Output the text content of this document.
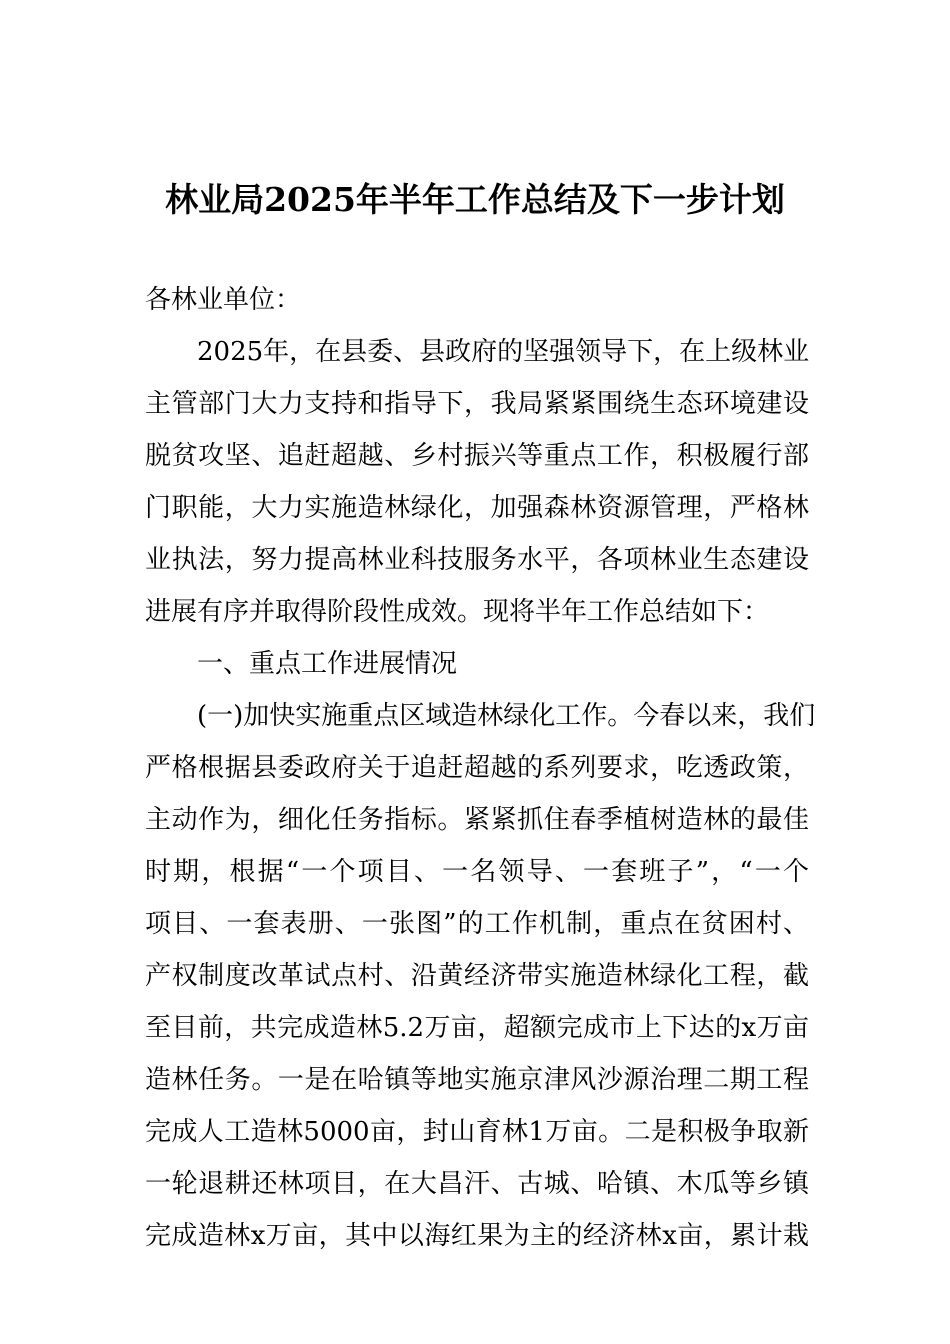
林业局2025年半年工作总结及下一步计划
各林业单位：
2025年，在县委、县政府的坚强领导下，在上级林业
主管部门大力支持和指导下，我局紧紧围绕生态环境建设
脱贫攻坚、追赶超越、乡村振兴等重点工作，积极履行部
门职能，大力实施造林绿化，加强森林资源管理，严格林
业执法，努力提高林业科技服务水平，各项林业生态建设
进展有序并取得阶段性成效。现将半年工作总结如下：
一、重点工作进展情况
(一)加快实施重点区域造林绿化工作。今春以来，我们
严格根据县委政府关于追赶超越的系列要求，吃透政策，
主动作为，细化任务指标。紧紧抓住春季植树造林的最佳
时期，根据“一个项目、一名领导、一套班子”，“一个
项目、一套表册、一张图”的工作机制，重点在贫困村、
产权制度改革试点村、沿黄经济带实施造林绿化工程，截
至目前，共完成造林5.2万亩，超额完成市上下达的x万亩
造林任务。一是在哈镇等地实施京津风沙源治理二期工程
完成人工造林5000亩，封山育林1万亩。二是积极争取新
一轮退耕还林项目，在大昌汗、古城、哈镇、木瓜等乡镇
完成造林x万亩，其中以海红果为主的经济林x亩，累计栽
